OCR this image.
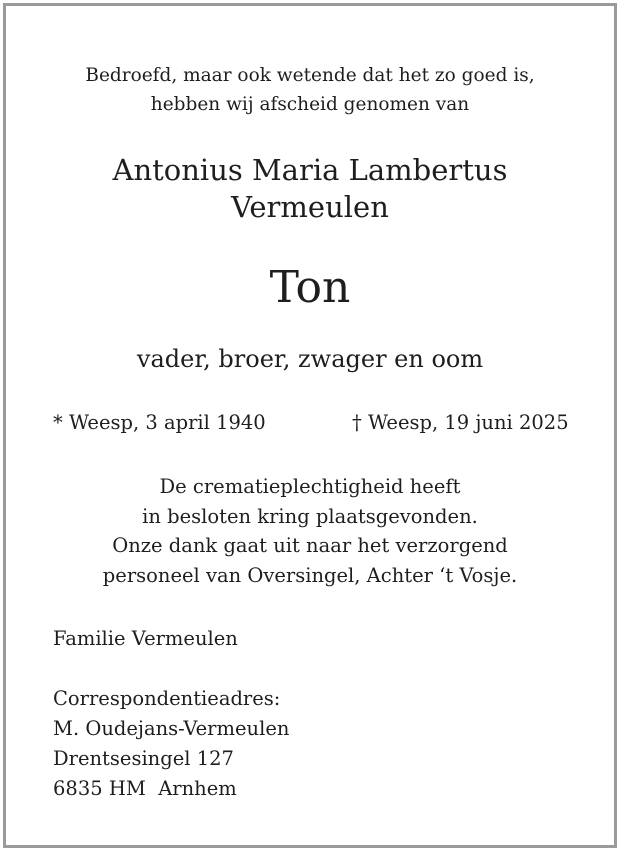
Bedroefd, maar ook wetende dat het zo goed is,
hebben wij afscheid genomen van
Antonius Maria Lambertus
Vermeulen
Ton
vader, broer, zwager en oom
* Weesp, 3 april 1940	† Weesp, 19 juni 2025
De crematieplechtigheid heeft
in besloten kring plaatsgevonden.
Onze dank gaat uit naar het verzorgend
personeel van Oversingel, Achter ‘t Vosje.
Familie Vermeulen
Correspondentieadres:
M. Oudejans-Vermeulen
Drentsesingel 127
6835 HM  Arnhem
